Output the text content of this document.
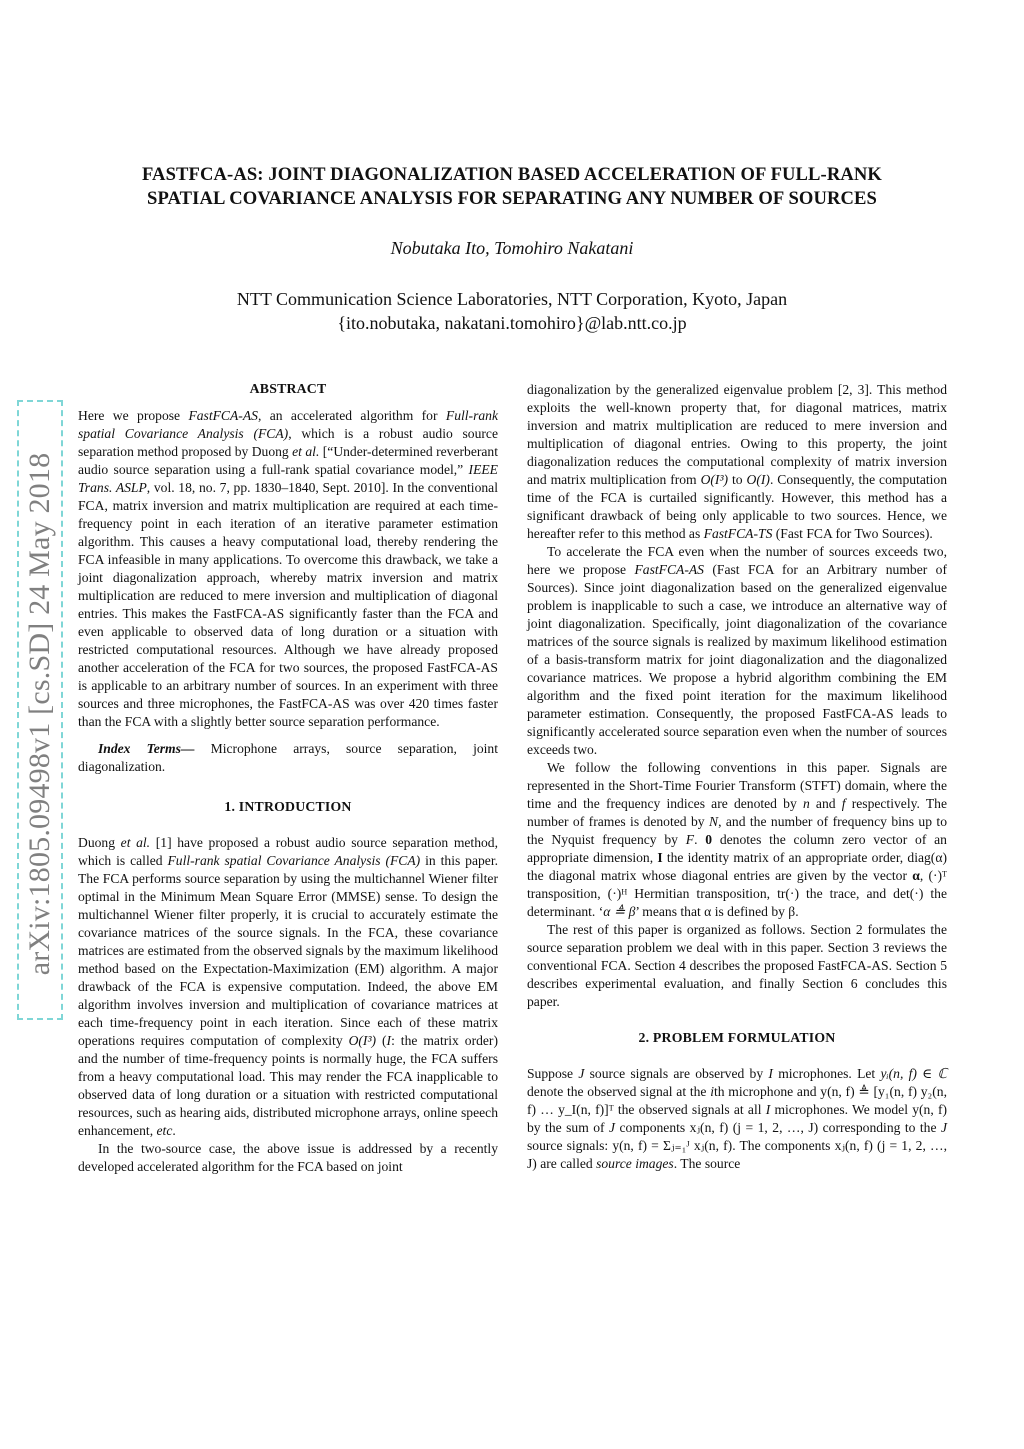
FASTFCA-AS: JOINT DIAGONALIZATION BASED ACCELERATION OF FULL-RANK
SPATIAL COVARIANCE ANALYSIS FOR SEPARATING ANY NUMBER OF SOURCES
Nobutaka Ito, Tomohiro Nakatani
NTT Communication Science Laboratories, NTT Corporation, Kyoto, Japan
{ito.nobutaka, nakatani.tomohiro}@lab.ntt.co.jp
arXiv:1805.09498v1 [cs.SD] 24 May 2018
ABSTRACT

Here we propose FastFCA-AS, an accelerated algorithm for Full-rank spatial Covariance Analysis (FCA), which is a robust audio source separation method proposed by Duong et al. [“Under-determined reverberant audio source separation using a full-rank spatial covariance model,” IEEE Trans. ASLP, vol. 18, no. 7, pp. 1830–1840, Sept. 2010]. In the conventional FCA, matrix inversion and matrix multiplication are required at each time-frequency point in each iteration of an iterative parameter estimation algorithm. This causes a heavy computational load, thereby rendering the FCA infeasible in many applications. To overcome this drawback, we take a joint diagonalization approach, whereby matrix inversion and matrix multiplication are reduced to mere inversion and multiplication of diagonal entries. This makes the FastFCA-AS significantly faster than the FCA and even applicable to observed data of long duration or a situation with restricted computational resources. Although we have already proposed another acceleration of the FCA for two sources, the proposed FastFCA-AS is applicable to an arbitrary number of sources. In an experiment with three sources and three microphones, the FastFCA-AS was over 420 times faster than the FCA with a slightly better source separation performance.

Index Terms— Microphone arrays, source separation, joint diagonalization.

1. INTRODUCTION

Duong et al. [1] have proposed a robust audio source separation method, which is called Full-rank spatial Covariance Analysis (FCA) in this paper. The FCA performs source separation by using the multichannel Wiener filter optimal in the Minimum Mean Square Error (MMSE) sense. To design the multichannel Wiener filter properly, it is crucial to accurately estimate the covariance matrices of the source signals. In the FCA, these covariance matrices are estimated from the observed signals by the maximum likelihood method based on the Expectation-Maximization (EM) algorithm. A major drawback of the FCA is expensive computation. Indeed, the above EM algorithm involves inversion and multiplication of covariance matrices at each time-frequency point in each iteration. Since each of these matrix operations requires computation of complexity O(I³) (I: the matrix order) and the number of time-frequency points is normally huge, the FCA suffers from a heavy computational load. This may render the FCA inapplicable to observed data of long duration or a situation with restricted computational resources, such as hearing aids, distributed microphone arrays, online speech enhancement, etc.

In the two-source case, the above issue is addressed by a recently developed accelerated algorithm for the FCA based on joint

diagonalization by the generalized eigenvalue problem [2, 3]. This method exploits the well-known property that, for diagonal matrices, matrix inversion and matrix multiplication are reduced to mere inversion and multiplication of diagonal entries. Owing to this property, the joint diagonalization reduces the computational complexity of matrix inversion and matrix multiplication from O(I³) to O(I). Consequently, the computation time of the FCA is curtailed significantly. However, this method has a significant drawback of being only applicable to two sources. Hence, we hereafter refer to this method as FastFCA-TS (Fast FCA for Two Sources).

To accelerate the FCA even when the number of sources exceeds two, here we propose FastFCA-AS (Fast FCA for an Arbitrary number of Sources). Since joint diagonalization based on the generalized eigenvalue problem is inapplicable to such a case, we introduce an alternative way of joint diagonalization. Specifically, joint diagonalization of the covariance matrices of the source signals is realized by maximum likelihood estimation of a basis-transform matrix for joint diagonalization and the diagonalized covariance matrices. We propose a hybrid algorithm combining the EM algorithm and the fixed point iteration for the maximum likelihood parameter estimation. Consequently, the proposed FastFCA-AS leads to significantly accelerated source separation even when the number of sources exceeds two.

We follow the following conventions in this paper. Signals are represented in the Short-Time Fourier Transform (STFT) domain, where the time and the frequency indices are denoted by n and f respectively. The number of frames is denoted by N, and the number of frequency bins up to the Nyquist frequency by F. 0 denotes the column zero vector of an appropriate dimension, I the identity matrix of an appropriate order, diag(α) the diagonal matrix whose diagonal entries are given by the vector α, (·)ᵀ transposition, (·)ᴴ Hermitian transposition, tr(·) the trace, and det(·) the determinant. ‘α ≜ β’ means that α is defined by β.

The rest of this paper is organized as follows. Section 2 formulates the source separation problem we deal with in this paper. Section 3 reviews the conventional FCA. Section 4 describes the proposed FastFCA-AS. Section 5 describes experimental evaluation, and finally Section 6 concludes this paper.

2. PROBLEM FORMULATION

Suppose J source signals are observed by I microphones. Let yᵢ(n, f) ∈ ℂ denote the observed signal at the ith microphone and y(n, f) ≜ [y₁(n, f) y₂(n, f) … y_I(n, f)]ᵀ the observed signals at all I microphones. We model y(n, f) by the sum of J components xⱼ(n, f) (j = 1, 2, …, J) corresponding to the J source signals: y(n, f) = Σⱼ₌₁ᴶ xⱼ(n, f). The components xⱼ(n, f) (j = 1, 2, …, J) are called source images. The source
